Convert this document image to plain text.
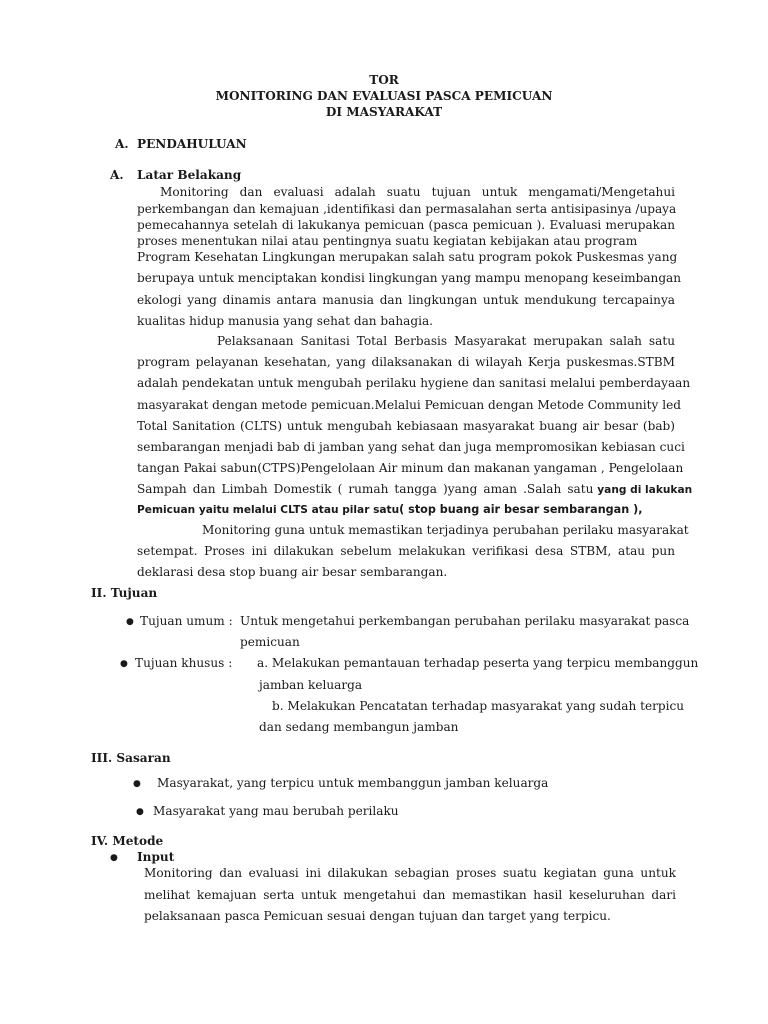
TOR
MONITORING DAN EVALUASI PASCA PEMICUAN
DI MASYARAKAT
A. PENDAHULUAN
A. Latar Belakang
Monitoring dan evaluasi adalah suatu tujuan untuk mengamati/Mengetahui
perkembangan dan kemajuan ,identifikasi dan permasalahan serta antisipasinya /upaya
pemecahannya setelah di lakukanya pemicuan (pasca pemicuan ). Evaluasi merupakan
proses menentukan nilai atau pentingnya suatu kegiatan kebijakan atau program
Program Kesehatan Lingkungan merupakan salah satu program pokok Puskesmas yang
berupaya untuk menciptakan kondisi lingkungan yang mampu menopang keseimbangan
ekologi yang dinamis antara manusia dan lingkungan untuk mendukung tercapainya
kualitas hidup manusia yang sehat dan bahagia.
Pelaksanaan Sanitasi Total Berbasis Masyarakat merupakan salah satu
program pelayanan kesehatan, yang dilaksanakan di wilayah Kerja puskesmas.STBM
adalah pendekatan untuk mengubah perilaku hygiene dan sanitasi melalui pemberdayaan
masyarakat dengan metode pemicuan.Melalui Pemicuan dengan Metode Community led
Total Sanitation (CLTS) untuk mengubah kebiasaan masyarakat buang air besar (bab)
sembarangan menjadi bab di jamban yang sehat dan juga mempromosikan kebiasan cuci
tangan Pakai sabun(CTPS)Pengelolaan Air minum dan makanan yangaman , Pengelolaan
Sampah dan Limbah Domestik ( rumah tangga )yang aman .Salah satu yang di lakukan
Pemicuan yaitu melalui CLTS atau pilar satu( stop buang air besar sembarangan ),
Monitoring guna untuk memastikan terjadinya perubahan perilaku masyarakat
setempat. Proses ini dilakukan sebelum melakukan verifikasi desa STBM, atau pun
deklarasi desa stop buang air besar sembarangan.
II. Tujuan
● Tujuan umum : Untuk mengetahui perkembangan perubahan perilaku masyarakat pasca
pemicuan
● Tujuan khusus : a. Melakukan pemantauan terhadap peserta yang terpicu membanggun
jamban keluarga
b. Melakukan Pencatatan terhadap masyarakat yang sudah terpicu
dan sedang membangun jamban
III. Sasaran
● Masyarakat, yang terpicu untuk membanggun jamban keluarga
● Masyarakat yang mau berubah perilaku
IV. Metode
● Input
Monitoring dan evaluasi ini dilakukan sebagian proses suatu kegiatan guna untuk
melihat kemajuan serta untuk mengetahui dan memastikan hasil keseluruhan dari
pelaksanaan pasca Pemicuan sesuai dengan tujuan dan target yang terpicu.
